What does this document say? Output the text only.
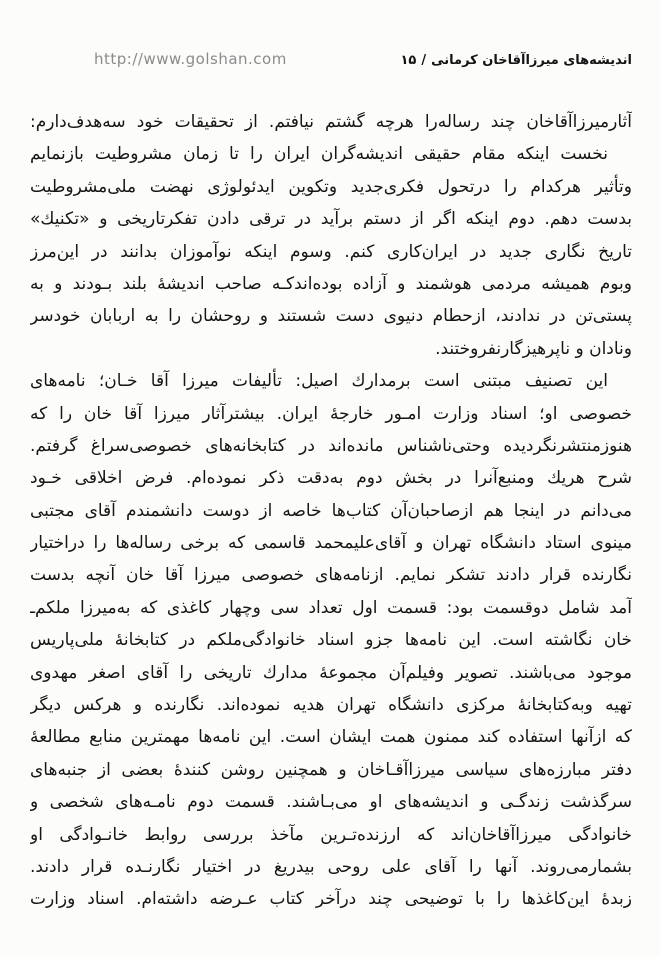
http://www.golshan.com	۱۵ / اندیشه‌های میرزاآقاخان کرمانی
آثارمیرزاآقاخان چند رساله‌را هرچه گشتم نیافتم. از تحقیقات خود سه‌هدف‌دارم:
نخست اینکه مقام حقیقی اندیشه‌گران ایران را تا زمان مشروطیت بازنمایم
وتأثیر هرکدام را درتحول فکری‌جدید وتکوین ایدئولوژی نهضت ملی‌مشروطیت
بدست دهم. دوم اینکه اگر از دستم برآید در ترقی دادن تفکرتاریخی و «تکنیك»
تاریخ نگاری جدید در ایران‌کاری کنم. وسوم اینکه نوآموزان بدانند در این‌مرز
وبوم همیشه مردمی هوشمند و آزاده بوده‌اندکـه صاحب اندیشۀ بلند بـودند و به
پستی‌تن در ندادند، ازحطام دنیوی دست شستند و روحشان را به اربابان خودسر
ونادان و ناپرهیزگارنفروختند.
این تصنیف مبتنی است برمدارك اصیل: تألیفات میرزا آقا خـان؛ نامه‌های
خصوصی او؛ اسناد وزارت امـور خارجۀ ایران. بیشترآثار میرزا آقا خان را که
هنوزمنتشرنگردیده وحتی‌ناشناس مانده‌اند در کتابخانه‌های خصوصی‌سراغ گرفتم.
شرح هریك ومنبع‌آنرا در بخش دوم به‌دقت ذکر نموده‌ام. فرض اخلاقی خـود
می‌دانم در اینجا هم ازصاحبان‌آن کتاب‌ها خاصه از دوست دانشمندم آقای مجتبی
مینوی استاد دانشگاه تهران و آقای‌علیمحمد قاسمی که برخی رساله‌ها را دراختیار
نگارنده قرار دادند تشکر نمایم. ازنامه‌های خصوصی میرزا آقا خان آنچه بدست
آمد شامل دوقسمت بود: قسمت اول تعداد سی وچهار کاغذی که به‌میرزا ملکم‌ـ
خان نگاشته است. این نامه‌ها جزو اسناد خانوادگی‌ملکم در کتابخانۀ ملی‌پاریس
موجود می‌باشند. تصویر وفیلم‌آن مجموعۀ مدارك تاریخی را آقای اصغر مهدوی
تهیه وبه‌کتابخانۀ مرکزی دانشگاه تهران هدیه نموده‌اند. نگارنده و هرکس دیگر
که ازآنها استفاده کند ممنون همت ایشان است. این نامه‌ها مهمترین منابع مطالعۀ
دفتر مبارزه‌های سیاسی میرزاآقـاخان و همچنین روشن کنندۀ بعضی از جنبه‌های
سرگذشت زندگـی و اندیشه‌های او می‌بـاشند. قسمت دوم نامـه‌های شخصی و
خانوادگی میرزاآقاخان‌اند که ارزنده‌تـرین مآخذ بررسی روابط خانـوادگی او
بشمارمی‌روند. آنها را آقای علی روحی بیدریغ در اختیار نگارنـده قرار دادند.
زبدۀ این‌کاغذها را با توضیحی چند درآخر کتاب عـرضه داشته‌ام. اسناد وزارت
